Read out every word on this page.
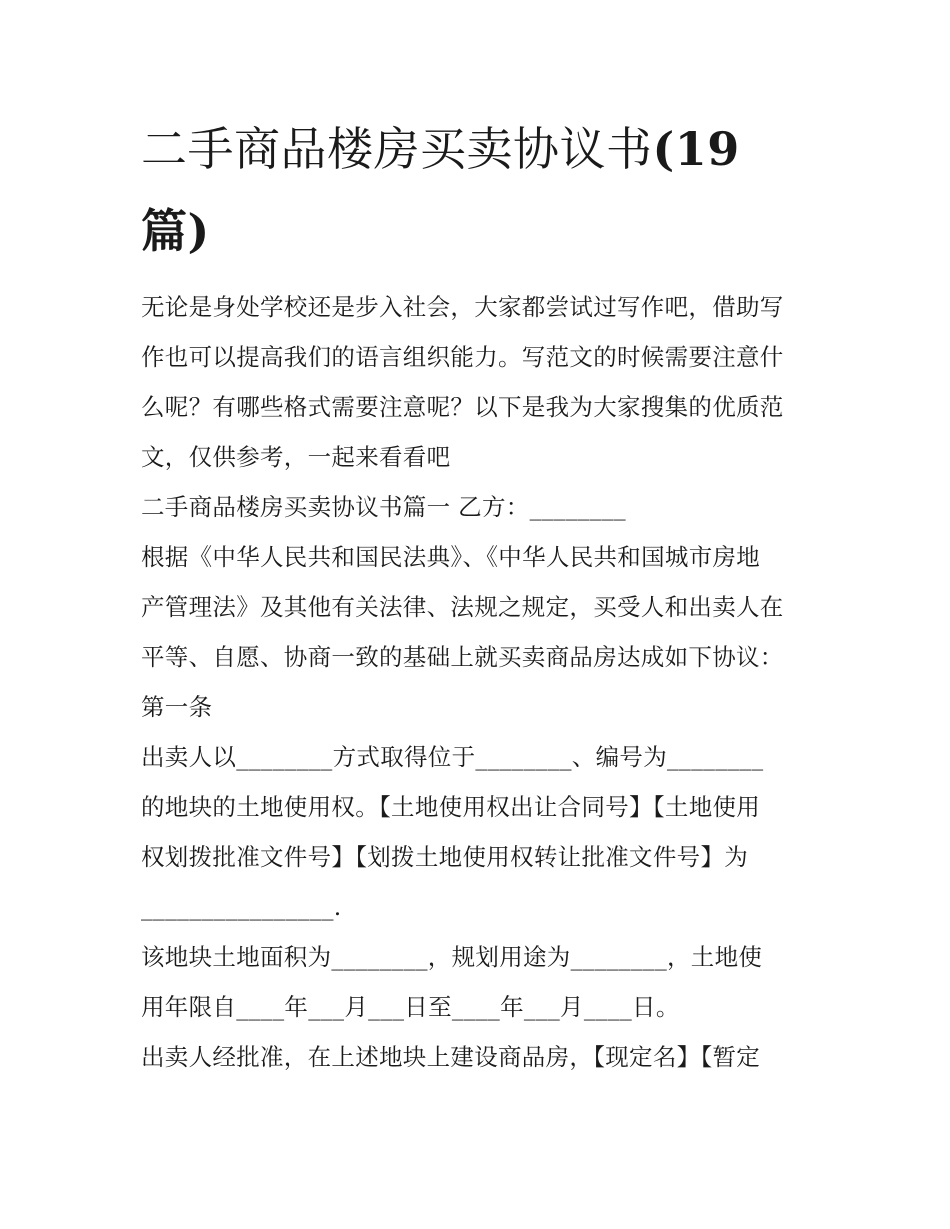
二手商品楼房买卖协议书(19
篇)

无论是身处学校还是步入社会，大家都尝试过写作吧，借助写

作也可以提高我们的语言组织能力。写范文的时候需要注意什

么呢？有哪些格式需要注意呢？以下是我为大家搜集的优质范

文，仅供参考，一起来看看吧

二手商品楼房买卖协议书篇一 乙方：________

根据《中华人民共和国民法典》、《中华人民共和国城市房地

产管理法》及其他有关法律、法规之规定，买受人和出卖人在

平等、自愿、协商一致的基础上就买卖商品房达成如下协议：

第一条

出卖人以________方式取得位于________、编号为________

的地块的土地使用权。【土地使用权出让合同号】【土地使用

权划拨批准文件号】【划拨土地使用权转让批准文件号】为

________________.

该地块土地面积为________，规划用途为________，土地使

用年限自____年___月___日至____年___月____日。

出卖人经批准，在上述地块上建设商品房，【现定名】【暂定
